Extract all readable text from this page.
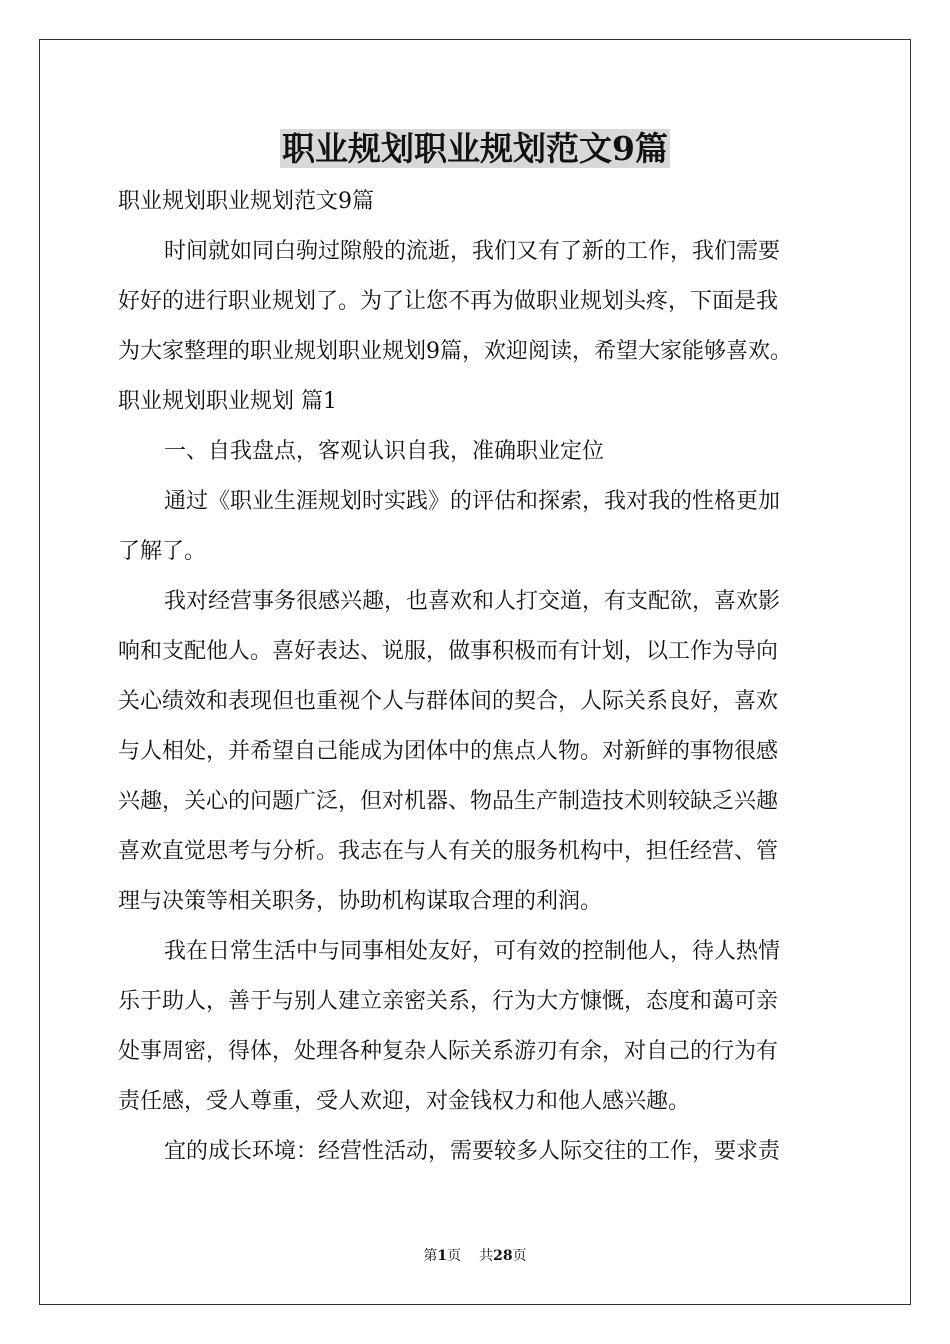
职业规划职业规划范文9篇
职业规划职业规划范文9篇
时间就如同白驹过隙般的流逝，我们又有了新的工作，我们需要
好好的进行职业规划了。为了让您不再为做职业规划头疼，下面是我
为大家整理的职业规划职业规划9篇，欢迎阅读，希望大家能够喜欢。
职业规划职业规划 篇1
一、自我盘点，客观认识自我，准确职业定位
通过《职业生涯规划时实践》的评估和探索，我对我的性格更加
了解了。
我对经营事务很感兴趣，也喜欢和人打交道，有支配欲，喜欢影
响和支配他人。喜好表达、说服，做事积极而有计划，以工作为导向
关心绩效和表现但也重视个人与群体间的契合，人际关系良好，喜欢
与人相处，并希望自己能成为团体中的焦点人物。对新鲜的事物很感
兴趣，关心的问题广泛，但对机器、物品生产制造技术则较缺乏兴趣
喜欢直觉思考与分析。我志在与人有关的服务机构中，担任经营、管
理与决策等相关职务，协助机构谋取合理的利润。
我在日常生活中与同事相处友好，可有效的控制他人，待人热情
乐于助人，善于与别人建立亲密关系，行为大方慷慨，态度和蔼可亲
处事周密，得体，处理各种复杂人际关系游刃有余，对自己的行为有
责任感，受人尊重，受人欢迎，对金钱权力和他人感兴趣。
宜的成长环境：经营性活动，需要较多人际交往的工作，要求责
第1页 共28页
